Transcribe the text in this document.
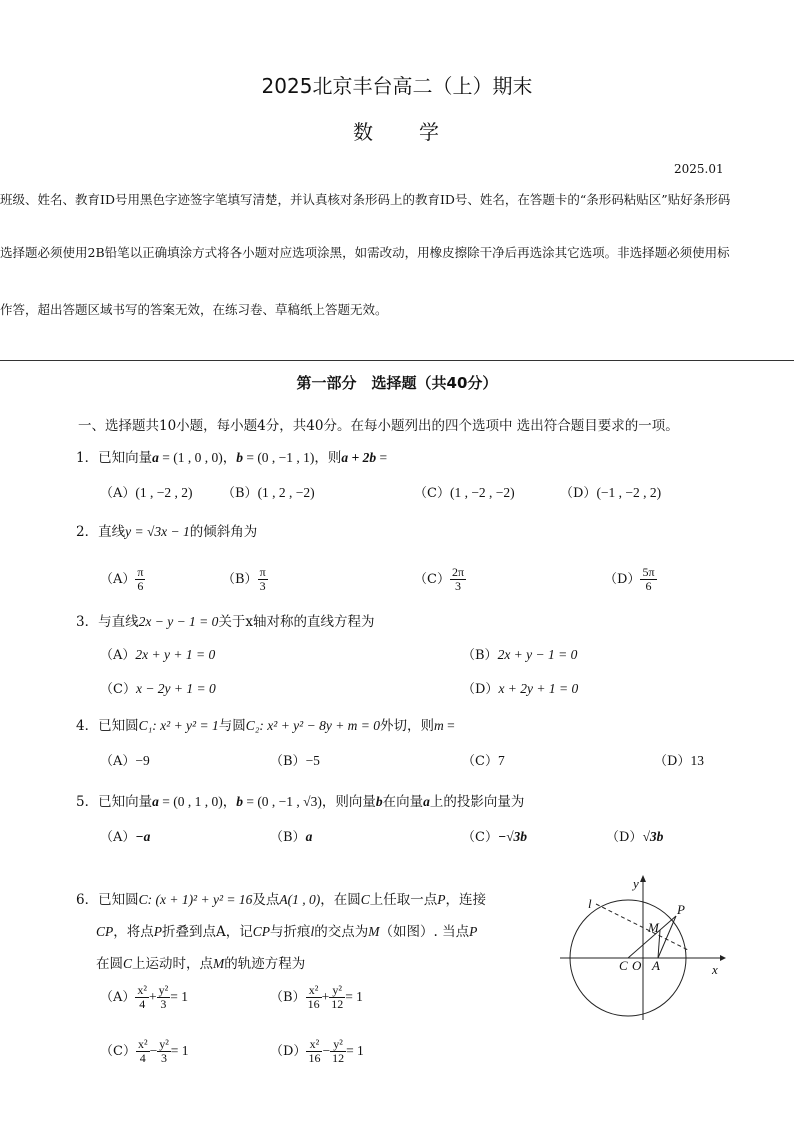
2025北京丰台高二（上）期末
数　　学
2025.01
班级、姓名、教育ID号用黑色字迹签字笔填写清楚，并认真核对条形码上的教育ID号、姓名，在答题卡的“条形码粘贴区”贴好条形码
选择题必须使用2B铅笔以正确填涂方式将各小题对应选项涂黑，如需改动，用橡皮擦除干净后再选涂其它选项。非选择题必须使用标
作答，超出答题区域书写的答案无效，在练习卷、草稿纸上答题无效。
第一部分　选择题（共40分）
一、选择题共10小题，每小题4分，共40分。在每小题列出的四个选项中 选出符合题目要求的一项。
1．已知向量a = (1 , 0 , 0)，b = (0 , −1 , 1)，则a + 2b =
（A）(1 , −2 , 2) （B）(1 , 2 , −2)	（C）(1 , −2 , −2)	（D）(−1 , −2 , 2)
2．直线y = √3x − 1的倾斜角为
$(A) \frac{\pi}{6}$	$(B) \frac{\pi}{3}$	$(C) \frac{2\pi}{3}$	$(D) \frac{5\pi}{6}$
3．与直线2x − y − 1 = 0关于x轴对称的直线方程为
（A）2x + y + 1 = 0	（B）2x + y − 1 = 0
（C）x − 2y + 1 = 0	（D）x + 2y + 1 = 0
4．已知圆C₁: x² + y² = 1与圆C₂: x² + y² − 8y + m = 0外切，则m =
（A）−9	（B）−5	（C）7	（D）13
5．已知向量a = (0 , 1 , 0)，b = (0 , −1 , √3)，则向量b在向量a上的投影向量为
（A）−a	（B）a	（C）−√3b	（D）√3b
6．已知圆C: (x + 1)² + y² = 16及点A(1 , 0)，在圆C上任取一点P，连接
CP，将点P折叠到点A，记CP与折痕l的交点为M（如图）. 当点P
在圆C上运动时，点M的轨迹方程为
$(A) \frac{\text{x²}}{4} + \frac{\text{y²}}{3} = 1$	$(B) \frac{\text{x²}}{16} + \frac{\text{y²}}{12} = 1$
$(C) \frac{\text{x²}}{4} - \frac{\text{y²}}{3} = 1$	$(D) \frac{\text{x²}}{16} - \frac{\text{y²}}{12} = 1$
y
x
l
M
P
C O A
